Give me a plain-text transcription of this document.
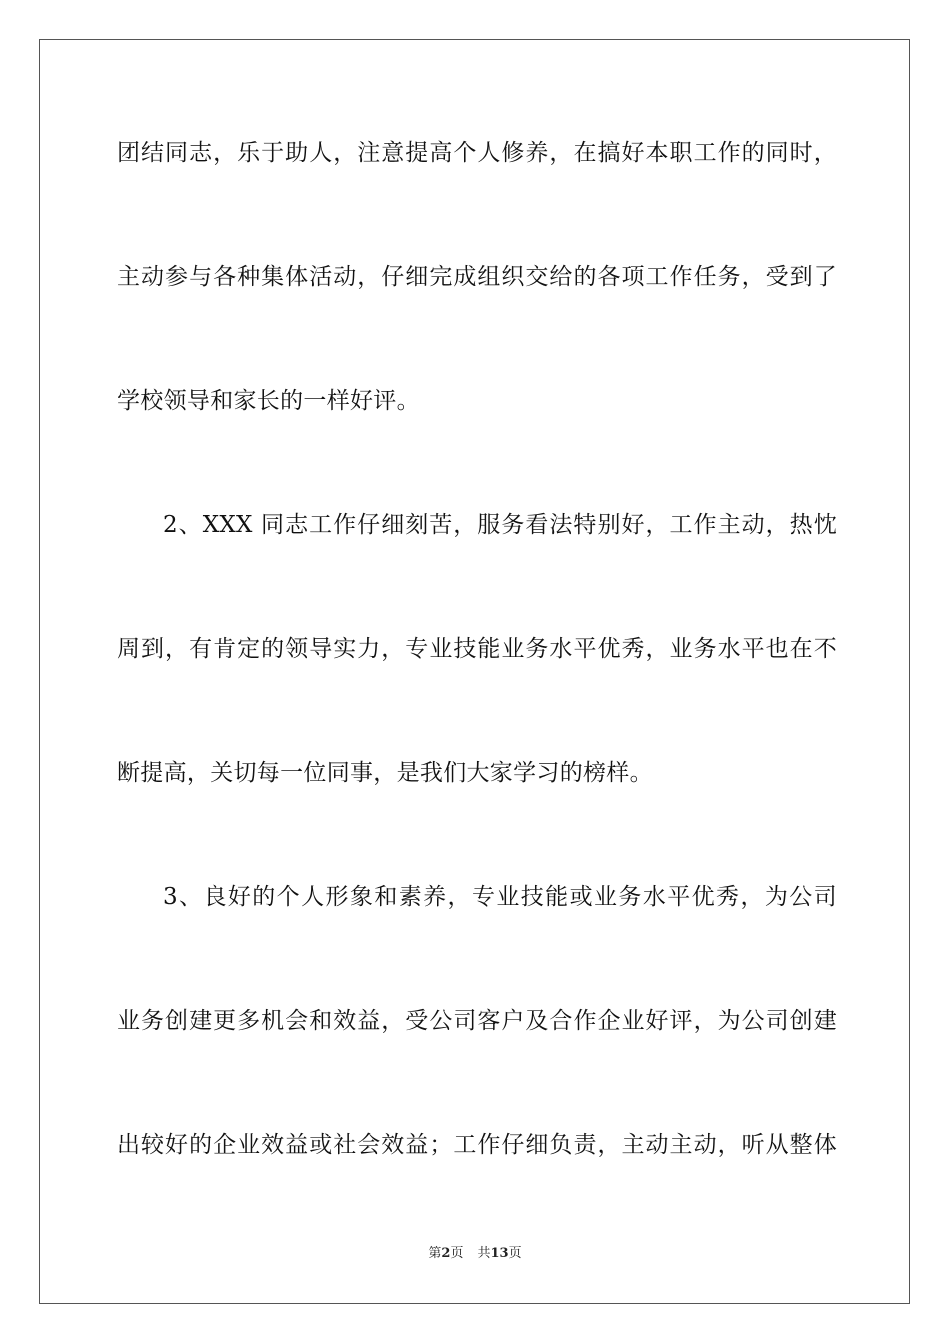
团结同志，乐于助人，注意提高个人修养，在搞好本职工作的同时，
主动参与各种集体活动，仔细完成组织交给的各项工作任务，受到了
学校领导和家长的一样好评。
2、XXX 同志工作仔细刻苦，服务看法特别好，工作主动，热忱
周到，有肯定的领导实力，专业技能业务水平优秀，业务水平也在不
断提高，关切每一位同事，是我们大家学习的榜样。
3、良好的个人形象和素养，专业技能或业务水平优秀，为公司
业务创建更多机会和效益，受公司客户及合作企业好评，为公司创建
出较好的企业效益或社会效益；工作仔细负责，主动主动，听从整体
第2页 共13页
